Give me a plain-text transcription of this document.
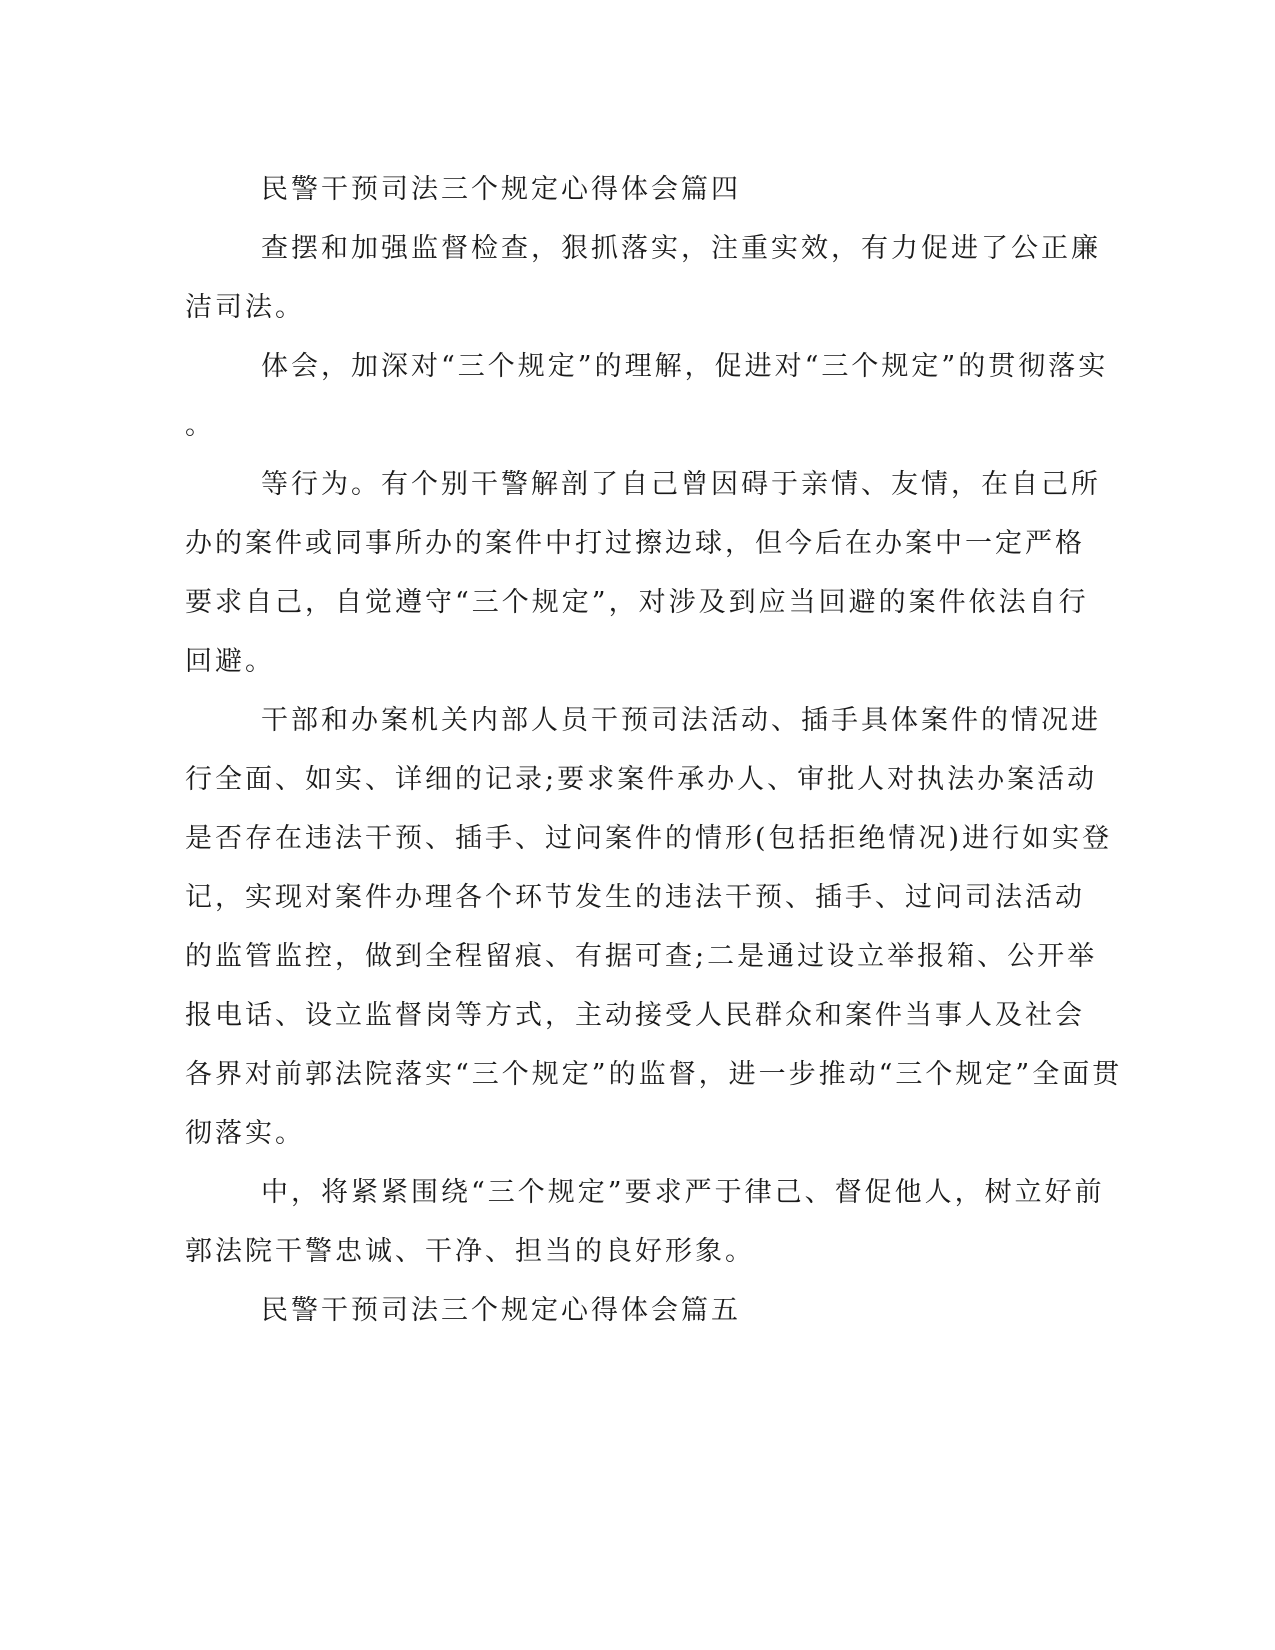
民警干预司法三个规定心得体会篇四
查摆和加强监督检查，狠抓落实，注重实效，有力促进了公正廉
洁司法。
体会，加深对“三个规定”的理解，促进对“三个规定”的贯彻落实
。
等行为。有个别干警解剖了自己曾因碍于亲情、友情，在自己所
办的案件或同事所办的案件中打过擦边球，但今后在办案中一定严格
要求自己，自觉遵守“三个规定”，对涉及到应当回避的案件依法自行
回避。
干部和办案机关内部人员干预司法活动、插手具体案件的情况进
行全面、如实、详细的记录;要求案件承办人、审批人对执法办案活动
是否存在违法干预、插手、过问案件的情形(包括拒绝情况)进行如实登
记，实现对案件办理各个环节发生的违法干预、插手、过问司法活动
的监管监控，做到全程留痕、有据可查;二是通过设立举报箱、公开举
报电话、设立监督岗等方式，主动接受人民群众和案件当事人及社会
各界对前郭法院落实“三个规定”的监督，进一步推动“三个规定”全面贯
彻落实。
中，将紧紧围绕“三个规定”要求严于律己、督促他人，树立好前
郭法院干警忠诚、干净、担当的良好形象。
民警干预司法三个规定心得体会篇五
